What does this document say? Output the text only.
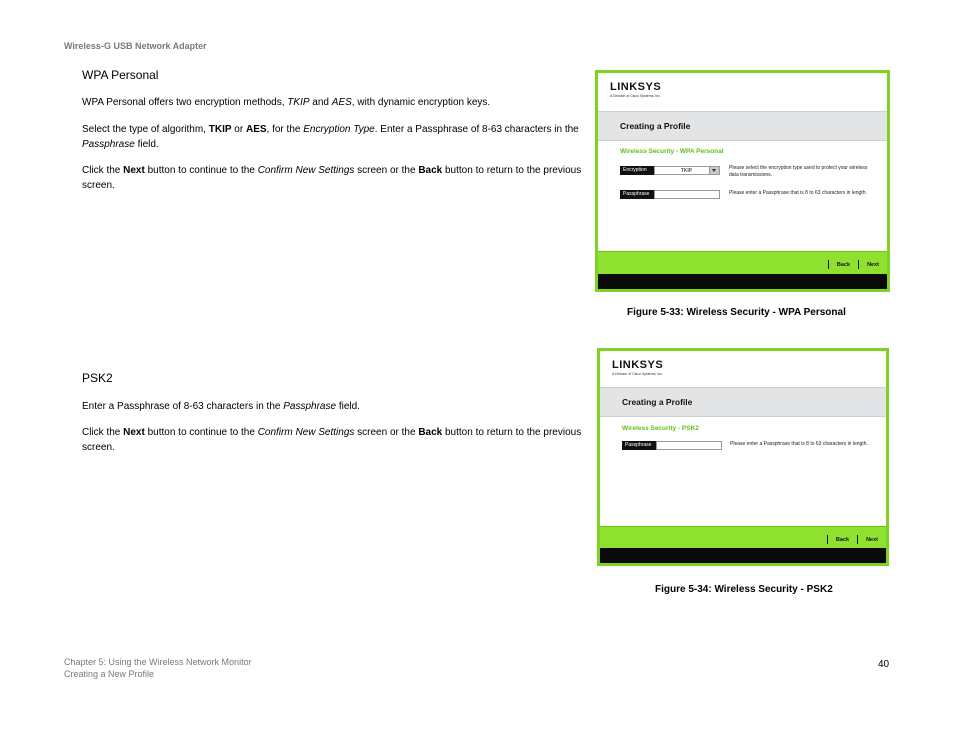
Wireless-G USB Network Adapter
WPA Personal
WPA Personal offers two encryption methods, TKIP and AES, with dynamic encryption keys.
Select the type of algorithm, TKIP or AES, for the Encryption Type. Enter a Passphrase of 8-63 characters in the Passphrase field.
Click the Next button to continue to the Confirm New Settings screen or the Back button to return to the previous screen.
LINKSYS
A Division of Cisco Systems, Inc.
Creating a Profile
Wireless Security - WPA Personal
Encryption	TKIP	Please select the encryption type used to protect your wireless data transmissions.
Passphrase	Please enter a Passphrase that is 8 to 63 characters in length.
Back	Next
Figure 5-33: Wireless Security - WPA Personal
PSK2
Enter a Passphrase of 8-63 characters in the Passphrase field.
Click the Next button to continue to the Confirm New Settings screen or the Back button to return to the previous screen.
LINKSYS
A Division of Cisco Systems, Inc.
Creating a Profile
Wireless Security - PSK2
Passphrase	Please enter a Passphrase that is 8 to 63 characters in length.
Back	Next
Figure 5-34: Wireless Security - PSK2
Chapter 5: Using the Wireless Network Monitor
Creating a New Profile
40
